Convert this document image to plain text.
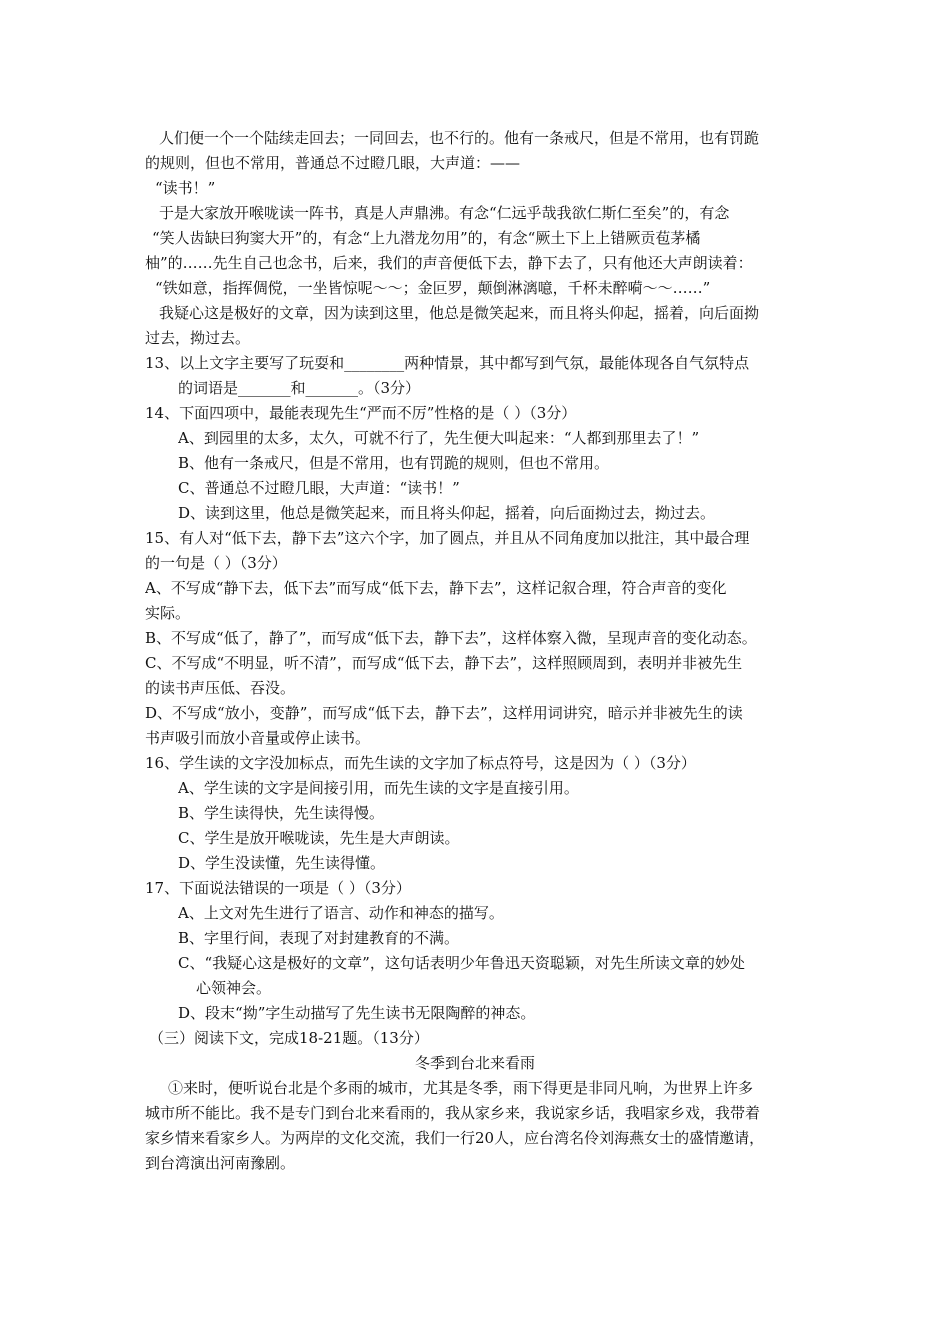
人们便一个一个陆续走回去；一同回去，也不行的。他有一条戒尺，但是不常用，也有罚跪
的规则，但也不常用，普通总不过瞪几眼，大声道：——
“读书！”
于是大家放开喉咙读一阵书，真是人声鼎沸。有念“仁远乎哉我欲仁斯仁至矣”的，有念
“笑人齿缺曰狗窦大开”的，有念“上九潜龙勿用”的，有念“厥土下上上错厥贡苞茅橘
柚”的……先生自己也念书，后来，我们的声音便低下去，静下去了，只有他还大声朗读着：
“铁如意，指挥倜傥，一坐皆惊呢～～；金叵罗，颠倒淋漓噫，千杯未醉嗬～～……”
我疑心这是极好的文章，因为读到这里，他总是微笑起来，而且将头仰起，摇着，向后面拗
过去，拗过去。
13、以上文字主要写了玩耍和________两种情景，其中都写到气氛，最能体现各自气氛特点
的词语是_______和_______。（3分）
14、下面四项中，最能表现先生“严而不厉”性格的是（ ）（3分）
A、到园里的太多，太久，可就不行了，先生便大叫起来：“人都到那里去了！”
B、他有一条戒尺，但是不常用，也有罚跪的规则，但也不常用。
C、普通总不过瞪几眼，大声道：“读书！”
D、读到这里，他总是微笑起来，而且将头仰起，摇着，向后面拗过去，拗过去。
15、有人对“低下去，静下去”这六个字，加了圆点，并且从不同角度加以批注，其中最合理
的一句是（ ）（3分）
A、不写成“静下去，低下去”而写成“低下去，静下去”，这样记叙合理，符合声音的变化
实际。
B、不写成“低了，静了”，而写成“低下去，静下去”，这样体察入微，呈现声音的变化动态。
C、不写成“不明显，听不清”，而写成“低下去，静下去”，这样照顾周到，表明并非被先生
的读书声压低、吞没。
D、不写成“放小，变静”，而写成“低下去，静下去”，这样用词讲究，暗示并非被先生的读
书声吸引而放小音量或停止读书。
16、学生读的文字没加标点，而先生读的文字加了标点符号，这是因为（ ）（3分）
A、学生读的文字是间接引用，而先生读的文字是直接引用。
B、学生读得快，先生读得慢。
C、学生是放开喉咙读，先生是大声朗读。
D、学生没读懂，先生读得懂。
17、下面说法错误的一项是（ ）（3分）
A、上文对先生进行了语言、动作和神态的描写。
B、字里行间，表现了对封建教育的不满。
C、“我疑心这是极好的文章”，这句话表明少年鲁迅天资聪颖，对先生所读文章的妙处
心领神会。
D、段末“拗”字生动描写了先生读书无限陶醉的神态。
（三）阅读下文，完成18-21题。（13分）
冬季到台北来看雨
①来时，便听说台北是个多雨的城市，尤其是冬季，雨下得更是非同凡响，为世界上许多
城市所不能比。我不是专门到台北来看雨的，我从家乡来，我说家乡话，我唱家乡戏，我带着
家乡情来看家乡人。为两岸的文化交流，我们一行20人，应台湾名伶刘海燕女士的盛情邀请，
到台湾演出河南豫剧。
